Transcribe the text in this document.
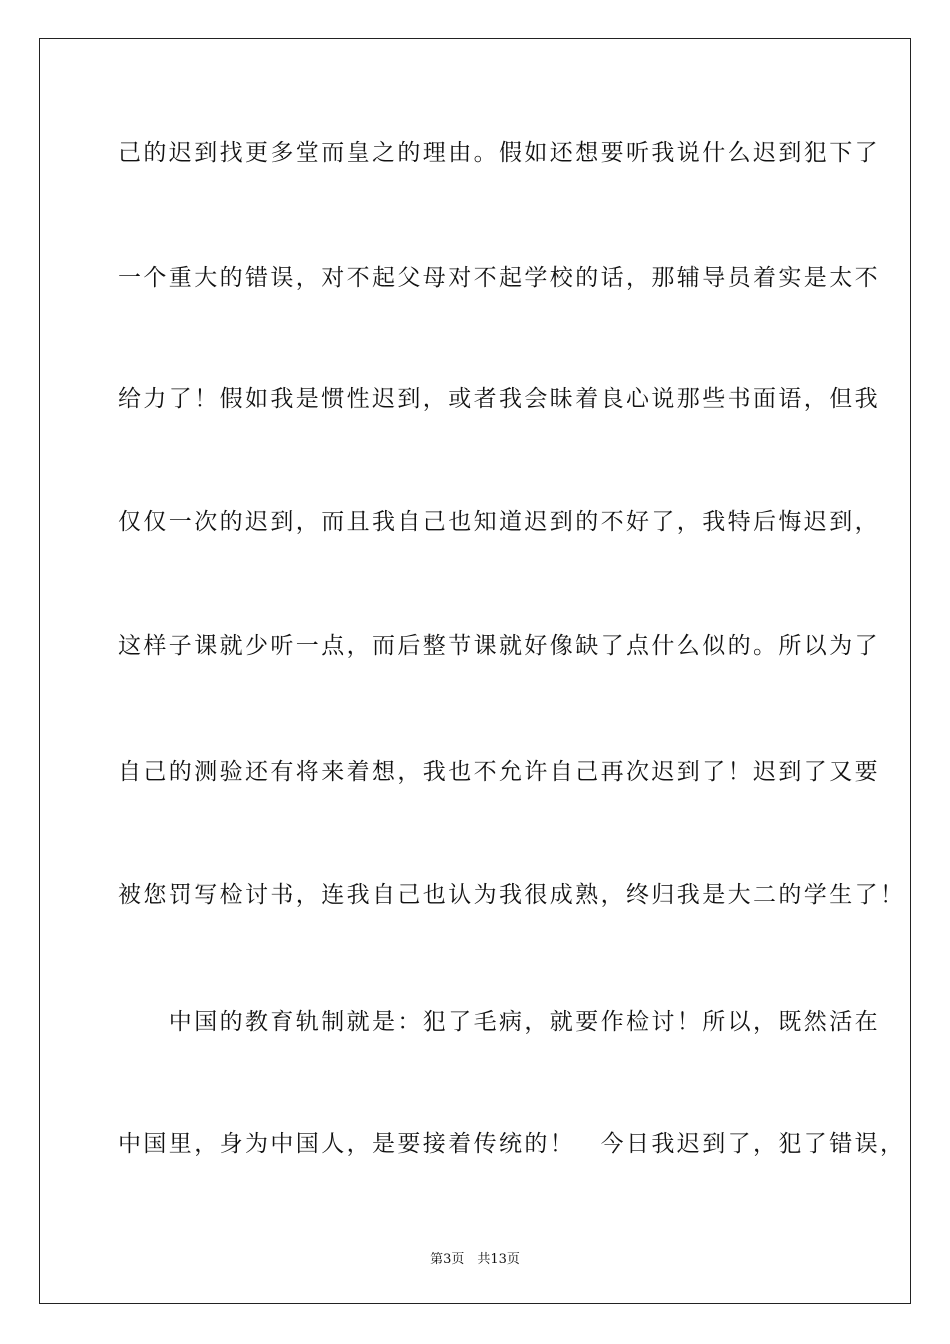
己的迟到找更多堂而皇之的理由。假如还想要听我说什么迟到犯下了
一个重大的错误，对不起父母对不起学校的话，那辅导员着实是太不
给力了！假如我是惯性迟到，或者我会昧着良心说那些书面语，但我
仅仅一次的迟到，而且我自己也知道迟到的不好了，我特后悔迟到，
这样子课就少听一点，而后整节课就好像缺了点什么似的。所以为了
自己的测验还有将来着想，我也不允许自己再次迟到了！迟到了又要
被您罚写检讨书，连我自己也认为我很成熟，终归我是大二的学生了！
　　中国的教育轨制就是：犯了毛病，就要作检讨！所以，既然活在
中国里，身为中国人，是要接着传统的！　今日我迟到了，犯了错误，
第3页　共13页
